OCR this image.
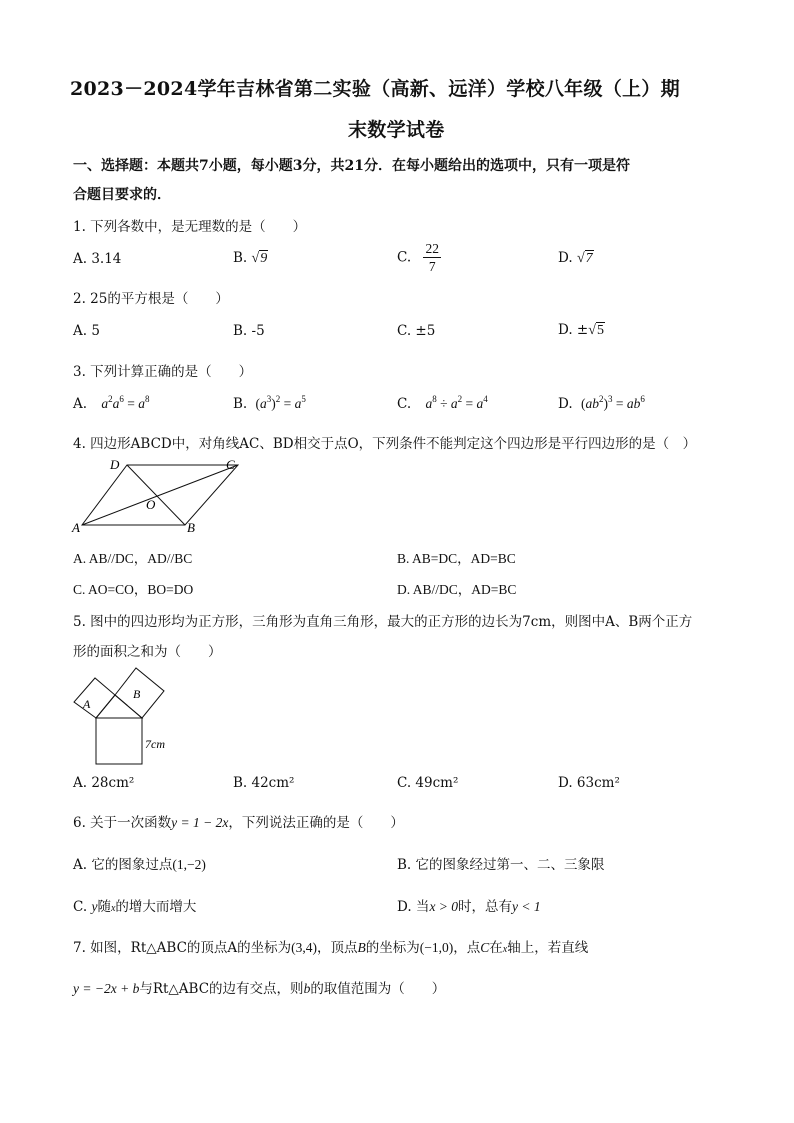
2023－2024学年吉林省第二实验（高新、远洋）学校八年级（上）期
末数学试卷
一、选择题：本题共7小题，每小题3分，共21分．在每小题给出的选项中，只有一项是符
合题目要求的．
1. 下列各数中，是无理数的是（　　）
A. 3.14	B. √9	C. $\frac{22}{7}$	D. √7
2. 25的平方根是（　　）
A. 5	B. -5	C. ±5	D. ±√5
3. 下列计算正确的是（　　）
A. $a^2a^6 = a^8$	B. $(a^3)^2 = a^5$	C. $a^8 \div a^2 = a^4$	D. $(ab^2)^3 = ab^6$
4. 四边形ABCD中，对角线AC、BD相交于点O，下列条件不能判定这个四边形是平行四边形的是（　）
D	C
O
A	B
A. AB//DC，AD//BC	B. AB=DC，AD=BC
C. AO=CO，BO=DO	D. AB//DC，AD=BC
5. 图中的四边形均为正方形，三角形为直角三角形，最大的正方形的边长为7cm，则图中A、B两个正方
形的面积之和为（　　）
A
B
7cm
A. 28cm²	B. 42cm²	C. 49cm²	D. 63cm²
6. 关于一次函数y = 1 − 2x，下列说法正确的是（　　）
A. 它的图象过点(1,−2)	B. 它的图象经过第一、二、三象限
C. y随x的增大而增大	D. 当x > 0时，总有y < 1
7. 如图，Rt△ABC的顶点A的坐标为(3,4)，顶点B的坐标为(−1,0)，点C在x轴上，若直线
y = −2x + b与Rt△ABC的边有交点，则b的取值范围为（　　）
